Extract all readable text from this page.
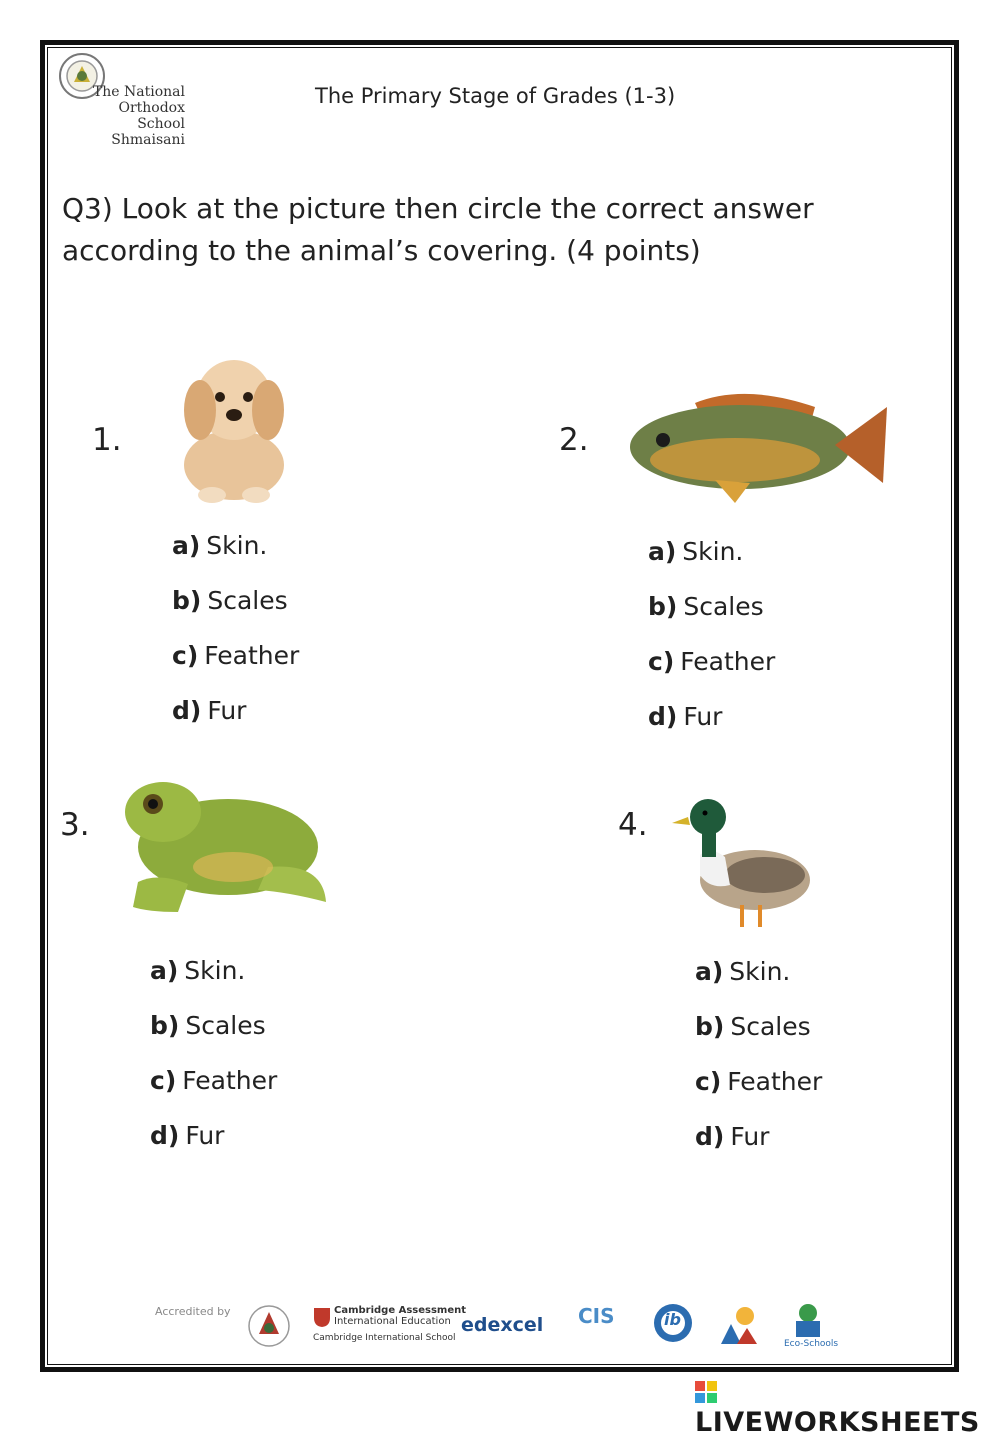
The National
Orthodox School
Shmaisani
The Primary Stage of Grades (1-3)
Q3) Look at the picture then circle the correct answer
according to the animal’s covering. (4 points)
1.
a) Skin.
b) Scales
c) Feather
d) Fur
2.
a) Skin.
b) Scales
c) Feather
d) Fur
3.
a) Skin.
b) Scales
c) Feather
d) Fur
4.
a) Skin.
b) Scales
c) Feather
d) Fur
Accredited by	Cambridge Assessment
International Education
Cambridge International School
edexcel CIS	ib
Eco-Schools
LIVEWORKSHEETS
